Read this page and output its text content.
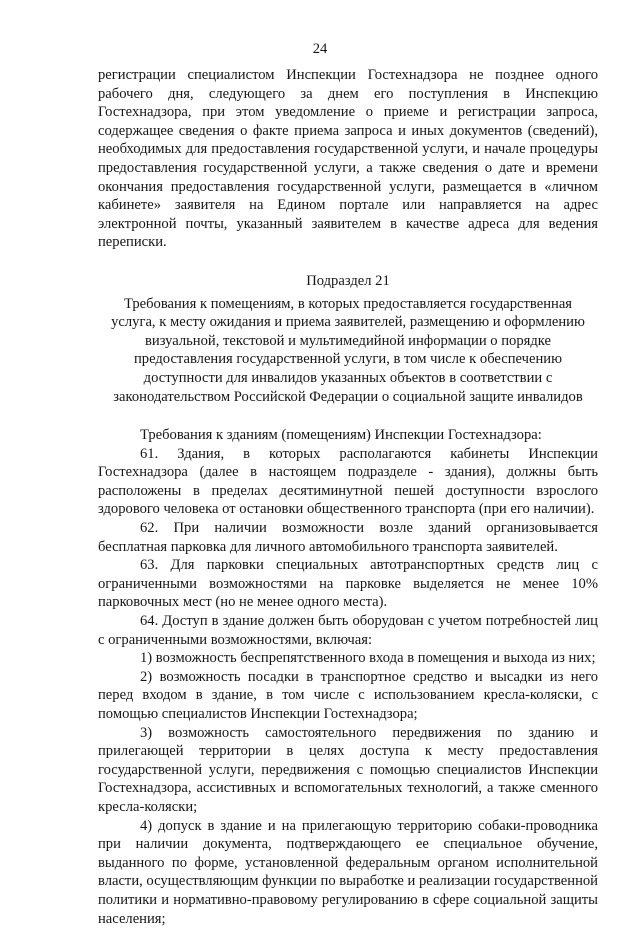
24

регистрации специалистом Инспекции Гостехнадзора не позднее одного рабочего дня, следующего за днем его поступления в Инспекцию Гостехнадзора, при этом уведомление о приеме и регистрации запроса, содержащее сведения о факте приема запроса и иных документов (сведений), необходимых для предоставления государственной услуги, и начале процедуры предоставления государственной услуги, а также сведения о дате и времени окончания предоставления государственной услуги, размещается в «личном кабинете» заявителя на Едином портале или направляется на адрес электронной почты, указанный заявителем в качестве адреса для ведения переписки.

Подраздел 21

Требования к помещениям, в которых предоставляется государственная услуга, к месту ожидания и приема заявителей, размещению и оформлению визуальной, текстовой и мультимедийной информации о порядке предоставления государственной услуги, в том числе к обеспечению доступности для инвалидов указанных объектов в соответствии с законодательством Российской Федерации о социальной защите инвалидов

Требования к зданиям (помещениям) Инспекции Гостехнадзора:

61. Здания, в которых располагаются кабинеты Инспекции Гостехнадзора (далее в настоящем подразделе - здания), должны быть расположены в пределах десятиминутной пешей доступности взрослого здорового человека от остановки общественного транспорта (при его наличии).

62. При наличии возможности возле зданий организовывается бесплатная парковка для личного автомобильного транспорта заявителей.

63. Для парковки специальных автотранспортных средств лиц с ограниченными возможностями на парковке выделяется не менее 10% парковочных мест (но не менее одного места).

64. Доступ в здание должен быть оборудован с учетом потребностей лиц с ограниченными возможностями, включая:

1) возможность беспрепятственного входа в помещения и выхода из них;

2) возможность посадки в транспортное средство и высадки из него перед входом в здание, в том числе с использованием кресла-коляски, с помощью специалистов Инспекции Гостехнадзора;

3) возможность самостоятельного передвижения по зданию и прилегающей территории в целях доступа к месту предоставления государственной услуги, передвижения с помощью специалистов Инспекции Гостехнадзора, ассистивных и вспомогательных технологий, а также сменного кресла-коляски;

4) допуск в здание и на прилегающую территорию собаки-проводника при наличии документа, подтверждающего ее специальное обучение, выданного по форме, установленной федеральным органом исполнительной власти, осуществляющим функции по выработке и реализации государственной политики и нормативно-правовому регулированию в сфере социальной защиты населения;
